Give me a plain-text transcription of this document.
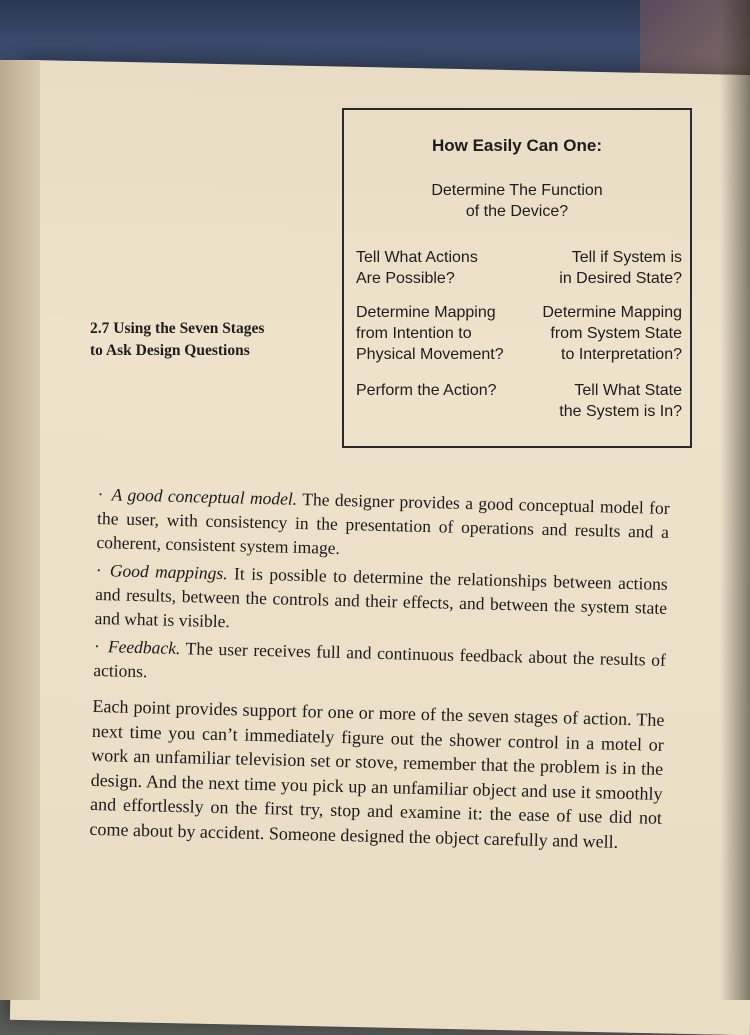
How Easily Can One:
Determine The Function
of the Device?
Tell What Actions
Are Possible?
Tell if System is
in Desired State?
Determine Mapping
from Intention to
Physical Movement?
Determine Mapping
from System State
to Interpretation?
Perform the Action?	Tell What State
the System is In?
2.7 Using the Seven Stages
to Ask Design Questions

· A good conceptual model. The designer provides a good conceptual model for the user, with consistency in the presentation of operations and results and a coherent, consistent system image.

· Good mappings. It is possible to determine the relationships between actions and results, between the controls and their effects, and between the system state and what is visible.

· Feedback. The user receives full and continuous feedback about the results of actions.

Each point provides support for one or more of the seven stages of action. The next time you can’t immediately figure out the shower control in a motel or work an unfamiliar television set or stove, remember that the problem is in the design. And the next time you pick up an unfamiliar object and use it smoothly and effortlessly on the first try, stop and examine it: the ease of use did not come about by accident. Someone designed the object carefully and well.
